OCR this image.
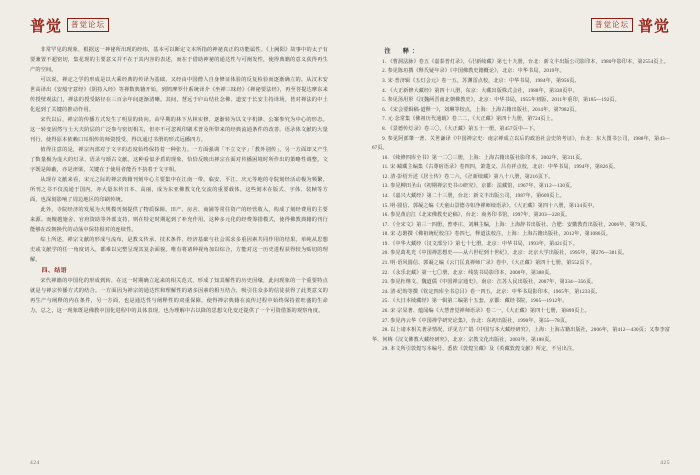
普觉	普觉论坛

非常罕见的现象，根据这一神祕所出现的经纬，基本可以断定文本所指的神祕真正的功能属性。《上阙阳》故事中的太子有要兼置不超密切，集花现的主要意义并不在于其内容的表述，而在于借助神祕的通达性与可阐发性，使得典籍的意义获得再生产的空间。

可以说，禅定之学的形成是以大乘经典的传译为基础，又经由中国僧人自身修证体验的反复检验而逐渐确立的。从汉末安世高译出《安般守意经》《阴持入经》等禅数典籍开始，到鸠摩罗什系统译介《坐禅三昧经》《禅祕要法经》，再至菩提达摩东来传授壁观法门，禅法的授受路径在三百余年间逐渐清晰。其间，慧远于庐山结社念佛、道安于长安主持译场，皆对禅法的中土化起到了关键的推动作用。

宋代以后，禅宗的传播方式发生了明显的转向。由早期的林下丛林实修，逐渐转为以文字机锋、公案参究为中心的形态。这一转变固然与士大夫阶层的广泛参与密切相关，但亦不可忽视印刷术普及所带来的经典流通条件的改善。语录体文献的大量刊行，使得原本依赖口耳相传的师资授受，得以通过书册的形式远播四方。

值得注意的是，禅宗内部对于文字的态度始终保持着一种张力。一方面强调「不立文字」「教外别传」，另一方面却又产生了数量极为庞大的灯录、语录与颂古文献。这种看似矛盾的现象，恰恰反映出禅宗在面对传播困境时所作出的策略性调整。文字既是障蔽，亦是津梁，关键在于使用者能否不执着于文字相。

从现存文献来看，宋元之际的禅宗典籍刊刻中心主要集中在江南一带。临安、平江、庆元等地的寺院刻经活动极为频繁，所刊之书不仅流通于国内，亦大量东传日本、高丽，成为东亚佛教文化交流的重要载体。这些刻本在版式、字体、装帧等方面，也深刻影响了周边地区的印刷传统。

此外，寺院经济的发展为大规模刊刻提供了物质保障。田产、房舍、商铺等常住资产的经营收入，构成了刻经费用的主要来源。而檀越施舍、官府资助等外部支持，则在特定时期起到了补充作用。这种多元化的经费筹措模式，使得佛教典籍的刊行能够在改朝换代的动荡中保持相对的连续性。

综上所述，禅宗文献的形成与流布，是教义传承、技术条件、经济基础与社会需求多重因素共同作用的结果。单纯从思想史或文献学的任一角度切入，都难以完整呈现其复杂面貌。唯有将诸种视角加以综合，方能对这一历史进程获得较为贴切的理解。

四、结语

宋代禅籍的中国化的形成到转，在这一时期确立起来的相关范式，形成了知其解性的历史因缘，此问现象的一个重要特点就是与禅宗传播方式的结合。一方面因为禅宗的通达性和理解性的诸多因素的相互结合，吸引住众多的信徒获得了此类意义的再生产与阐释的内在条件，另一方面，也是通达性与阐释性的双重保障，使得禅宗典籍在流传过程中始终保持着旺盛的生命力。总之，这一现象既是佛教中国化进程中的具体表现，也为理解中古以降的思想文化变迁提供了一个可资借鉴的观察角度。

424
普觉论坛 普觉

注　释：

1. 《曹洞法脉》卷五《嘉泰普灯录》，《卍新续藏》第七十九册，台北：新文丰出版公司影印本，1980年影印本，第2554页上。

2. 参见陈垣撰《释氏疑年录》《中国佛教史籍概论》，北京：中华书局，2019年。

3. 宋·普济辑《五灯会元》卷一五，苏渊雷点校，北京：中华书局，1984年，第956页。

4. 《大正新修大藏经》第四十八册，东京：大藏出版株式会社，1988年，第338页中。

5. 参见汤用彤《汉魏两晋南北朝佛教史》，北京：中华书局，1955年初版，2011年重印，第185—192页。

6. 《宋会要辑稿·道释一》，刘琳等校点，上海：上海古籍出版社，2014年，第7982页。

7. 元·念常集《佛祖历代通载》卷二二，《大正藏》第四十九册，第724页上。

8. 《景德传灯录》卷三〇，《大正藏》第五十一册，第457页中—下。

9. 参见阿部肇一著、关世谦译《中国禅宗史：南宗禅成立以后的政治社会史的考证》，台北：东大图书公司，1988年，第43—67页。

10. 《续修四库全书》第一二〇三册，上海：上海古籍出版社影印本，2002年，第311页。

11. 宋·赜藏主编集《古尊宿语录》卷四四，萧萐父、吕有祥点校，北京：中华书局，1994年，第826页。

12. 清·彭绍升述《居士传》卷二六，《卍新续藏》第八十八册，第216页下。

13. 参见柳田圣山《初期禅宗史书の研究》，京都：法藏馆，1967年，第112—130页。

14. 《嘉兴大藏经》第二十三册，台北：新文丰出版公司，1987年，第609页上。

15. 明·圆信、郭凝之编《天童山景德寺如净禅师续语录》，《大正藏》第四十八册，第134页中。

16. 参见黄启江《北宋佛教史论稿》，台北：商务印书馆，1997年，第203—228页。

17. 《全宋文》第三一四册，曾枣庄、刘琳主编，上海：上海辞书出版社、合肥：安徽教育出版社，2006年，第79页。

18. 宋·志磐撰《佛祖统纪校注》卷四七，释道法校注，上海：上海古籍出版社，2012年，第1086页。

19. 《中华大藏经（汉文部分）》第七十七册，北京：中华书局，1993年，第421页下。

20. 参见葛兆光《中国禅思想史——从六世纪到十世纪》，北京：北京大学出版社，1995年，第276—301页。

21. 明·语风圆信、郭凝之编《云门匡真禅师广录》卷中，《大正藏》第四十七册，第552页下。

22. 《永乐北藏》第一七〇册，北京：线装书局影印本，2000年，第388页。

23. 参见杜继文、魏道儒《中国禅宗通史》，南京：江苏人民出版社，2007年，第334—356页。

24. 清·纪昀等撰《钦定四库全书总目》卷一四五，北京：中华书局影印本，1965年，第1233页。

25. 《大日本续藏经》第一辑第二编第十五套，京都：藏经书院，1905—1912年。

26. 宋·宗杲著、蕴闻编《大慧普觉禅师语录》卷二一，《大正藏》第四十七册，第899页上。

27. 参见冉云华《中国禅学研究论集》，台北：东初出版社，1990年，第55—78页。

28. 以上诸本相关著录情况，详见方广锠《中国写本大藏经研究》，上海：上海古籍出版社，2006年，第412—430页；又参李富华、何梅《汉文佛教大藏经研究》，北京：宗教文化出版社，2003年，第188页。

29. 本文所引敦煌写本编号，悉依《敦煌宝藏》及《英藏敦煌文献》所定，不另出注。

425
